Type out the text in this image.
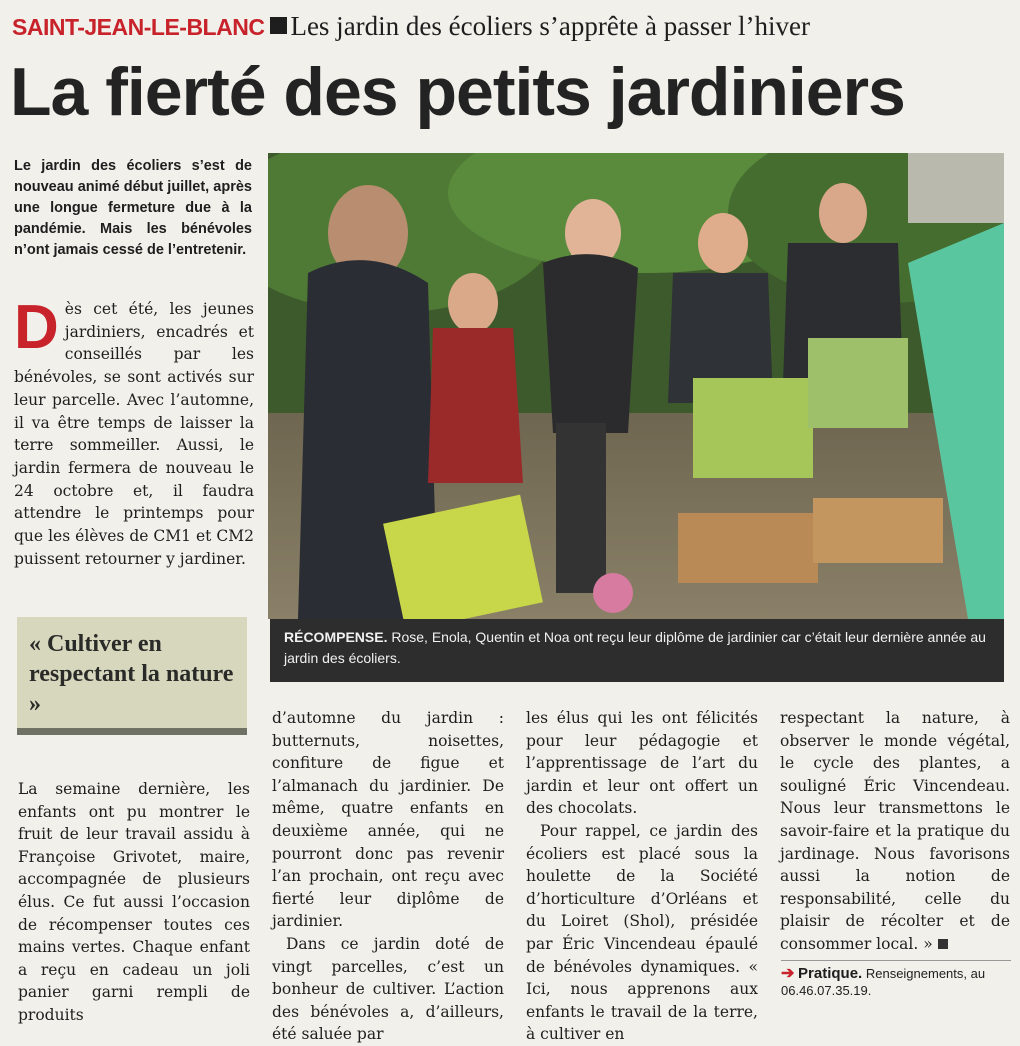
SAINT-JEAN-LE-BLANC Les jardin des écoliers s’apprête à passer l’hiver
La fierté des petits jardiniers
Le jardin des écoliers s’est de nouveau animé début juillet, après une longue fermeture due à la pandémie. Mais les bénévoles n’ont jamais cessé de l’entretenir.
Dès cet été, les jeunes jardiniers, encadrés et conseillés par les bénévoles, se sont activés sur leur parcelle. Avec l’automne, il va être temps de laisser la terre sommeiller. Aussi, le jardin fermera de nouveau le 24 octobre et, il faudra attendre le printemps pour que les élèves de CM1 et CM2 puissent retourner y jardiner.
« Cultiver en respectant la nature »

La semaine dernière, les enfants ont pu montrer le fruit de leur travail assidu à Françoise Grivotet, maire, accompagnée de plusieurs élus. Ce fut aussi l’occasion de récompenser toutes ces mains vertes. Chaque enfant a reçu en cadeau un joli panier garni rempli de produits

RÉCOMPENSE. Rose, Enola, Quentin et Noa ont reçu leur diplôme de jardinier car c’était leur dernière année au jardin des écoliers.

d’automne du jardin : butternuts, noisettes, confiture de figue et l’almanach du jardinier. De même, quatre enfants en deuxième année, qui ne pourront donc pas revenir l’an prochain, ont reçu avec fierté leur diplôme de jardinier.

Dans ce jardin doté de vingt parcelles, c’est un bonheur de cultiver. L’action des bénévoles a, d’ailleurs, été saluée par

les élus qui les ont félicités pour leur pédagogie et l’apprentissage de l’art du jardin et leur ont offert un des chocolats.

Pour rappel, ce jardin des écoliers est placé sous la houlette de la Société d’horticulture d’Orléans et du Loiret (Shol), présidée par Éric Vincendeau épaulé de bénévoles dynamiques. « Ici, nous apprenons aux enfants le travail de la terre, à cultiver en

respectant la nature, à observer le monde végétal, le cycle des plantes, a souligné Éric Vincendeau. Nous leur transmettons le savoir-faire et la pratique du jardinage. Nous favorisons aussi la notion de responsabilité, celle du plaisir de récolter et de consommer local. »

➔ Pratique. Renseignements, au 06.46.07.35.19.
